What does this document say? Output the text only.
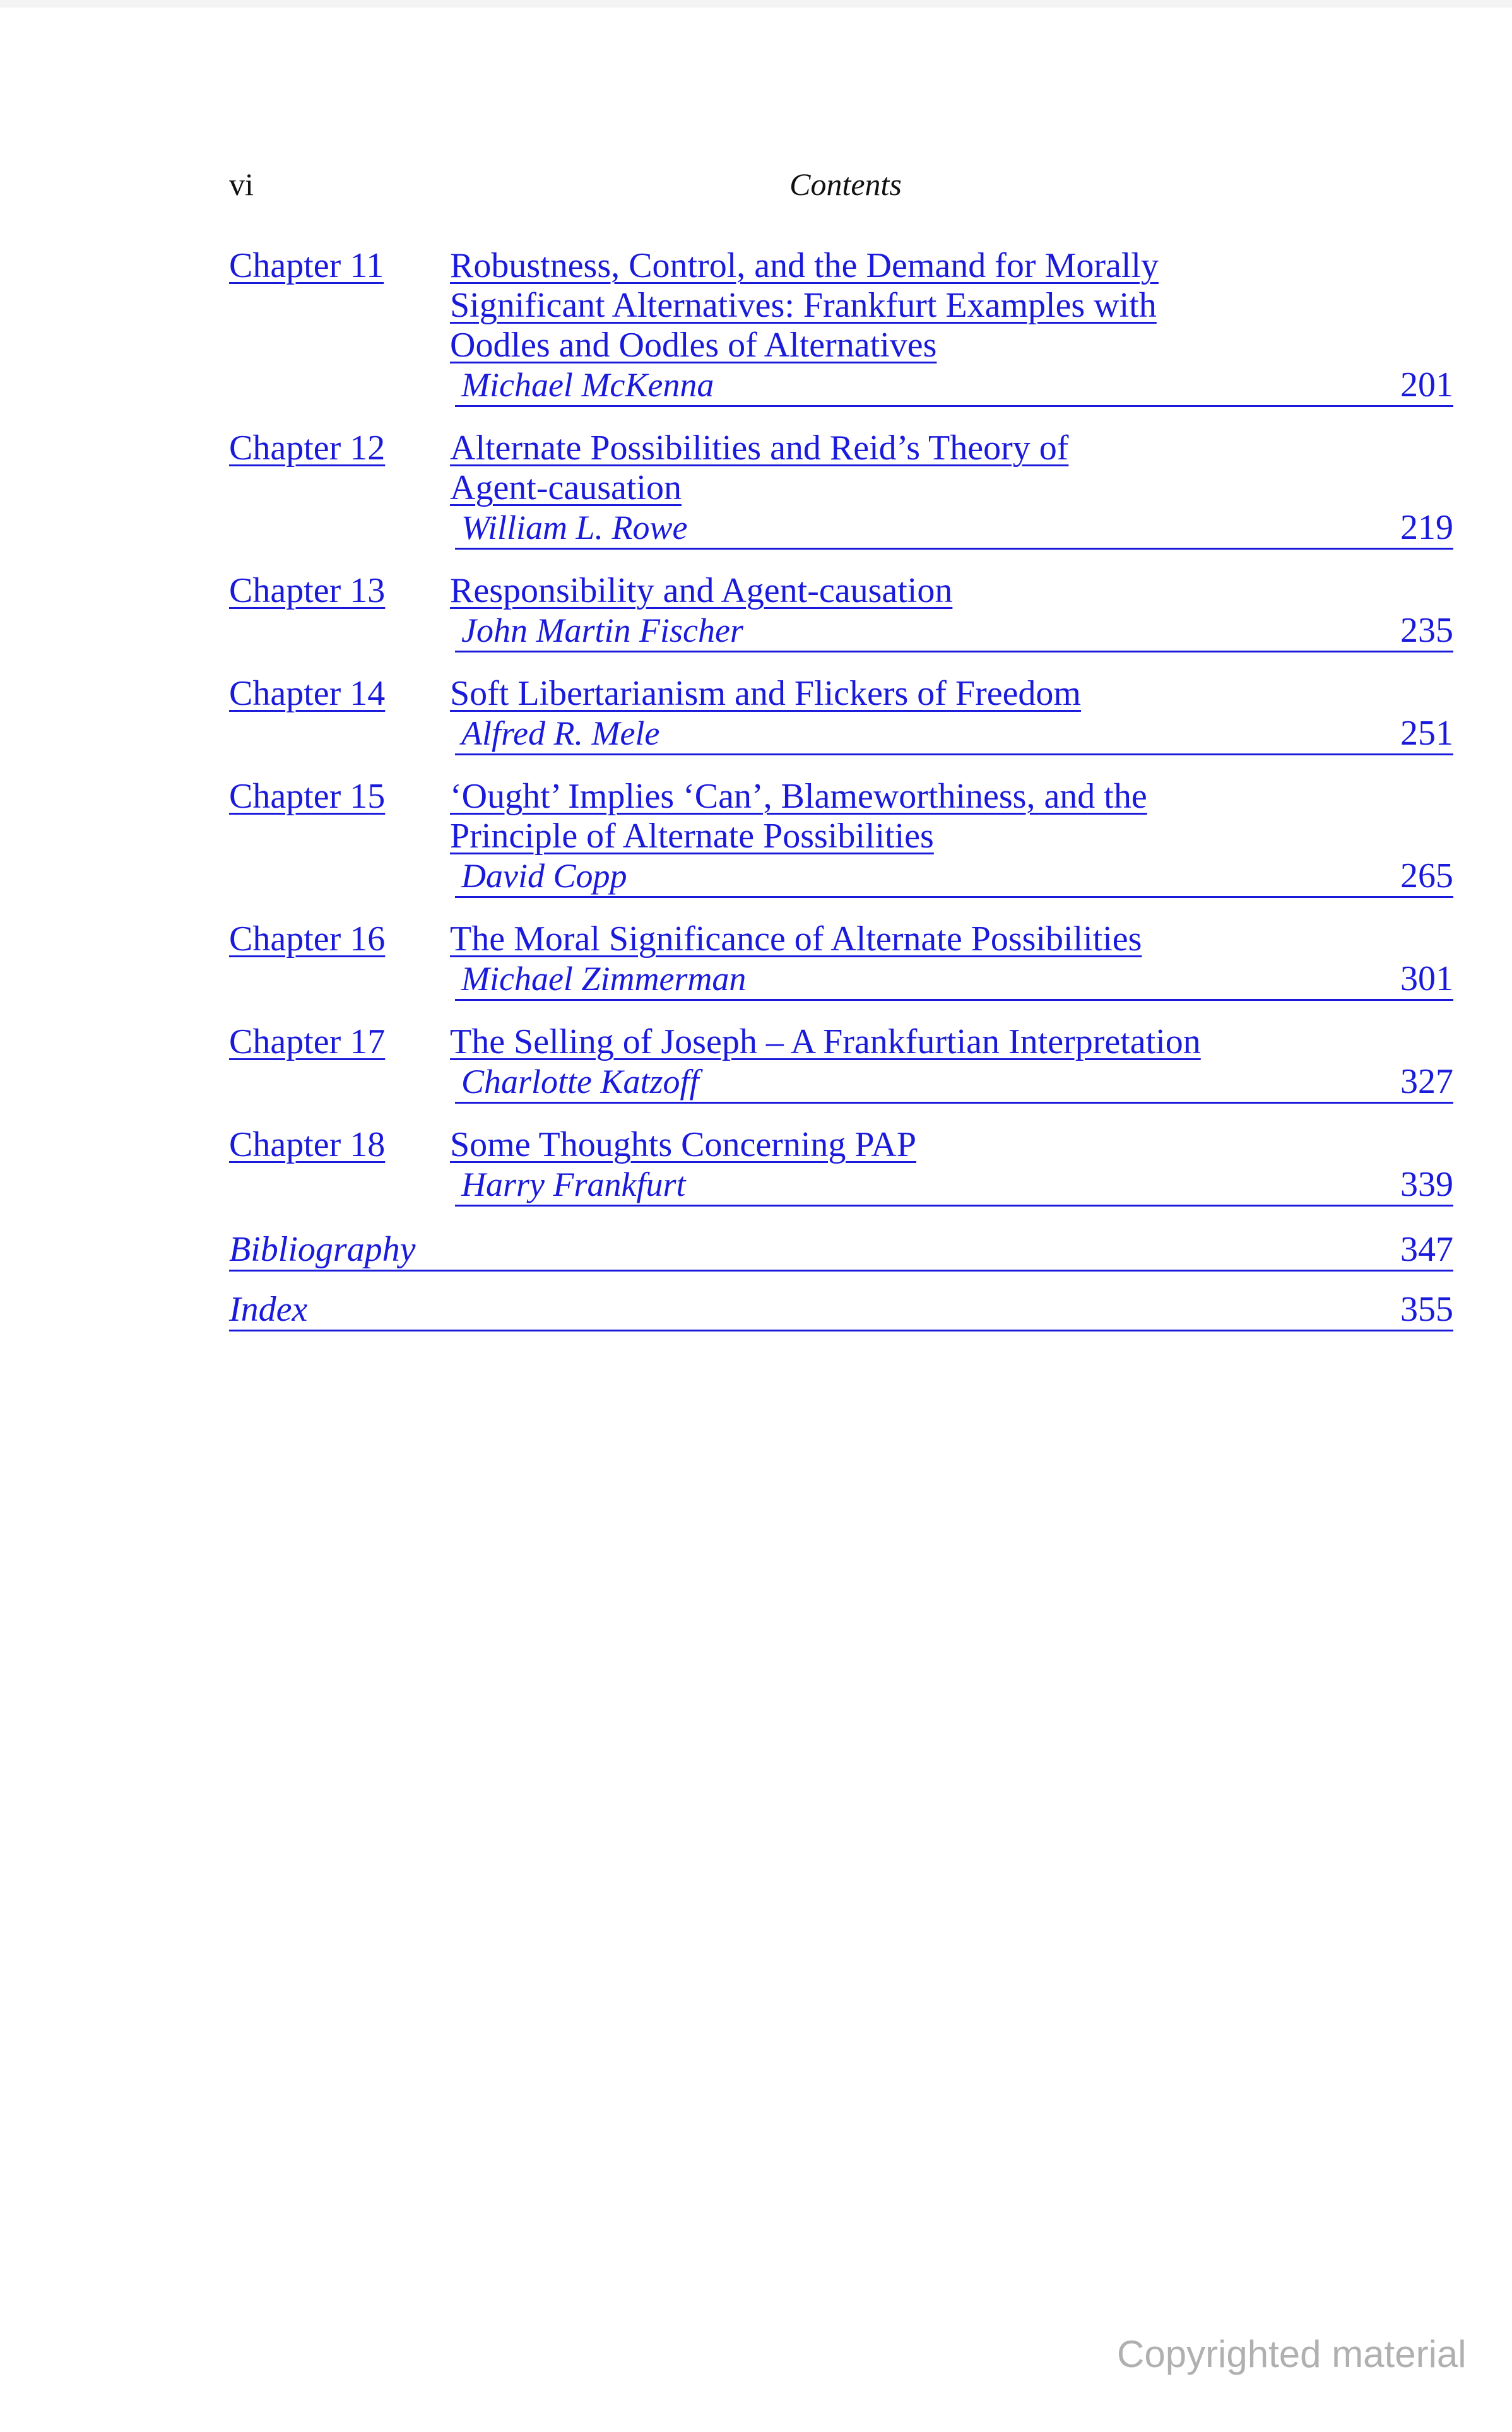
vi	Contents
Chapter 11	Robustness, Control, and the Demand for Morally
Significant Alternatives: Frankfurt Examples with
Oodles and Oodles of Alternatives
Michael McKenna	201
Chapter 12	Alternate Possibilities and Reid’s Theory of
Agent-causation
William L. Rowe	219
Chapter 13	Responsibility and Agent-causation
John Martin Fischer	235
Chapter 14	Soft Libertarianism and Flickers of Freedom
Alfred R. Mele	251
Chapter 15	‘Ought’ Implies ‘Can’, Blameworthiness, and the
Principle of Alternate Possibilities
David Copp	265
Chapter 16	The Moral Significance of Alternate Possibilities
Michael Zimmerman	301
Chapter 17	The Selling of Joseph – A Frankfurtian Interpretation
Charlotte Katzoff	327
Chapter 18	Some Thoughts Concerning PAP
Harry Frankfurt	339
Bibliography	347
Index	355
Copyrighted material
